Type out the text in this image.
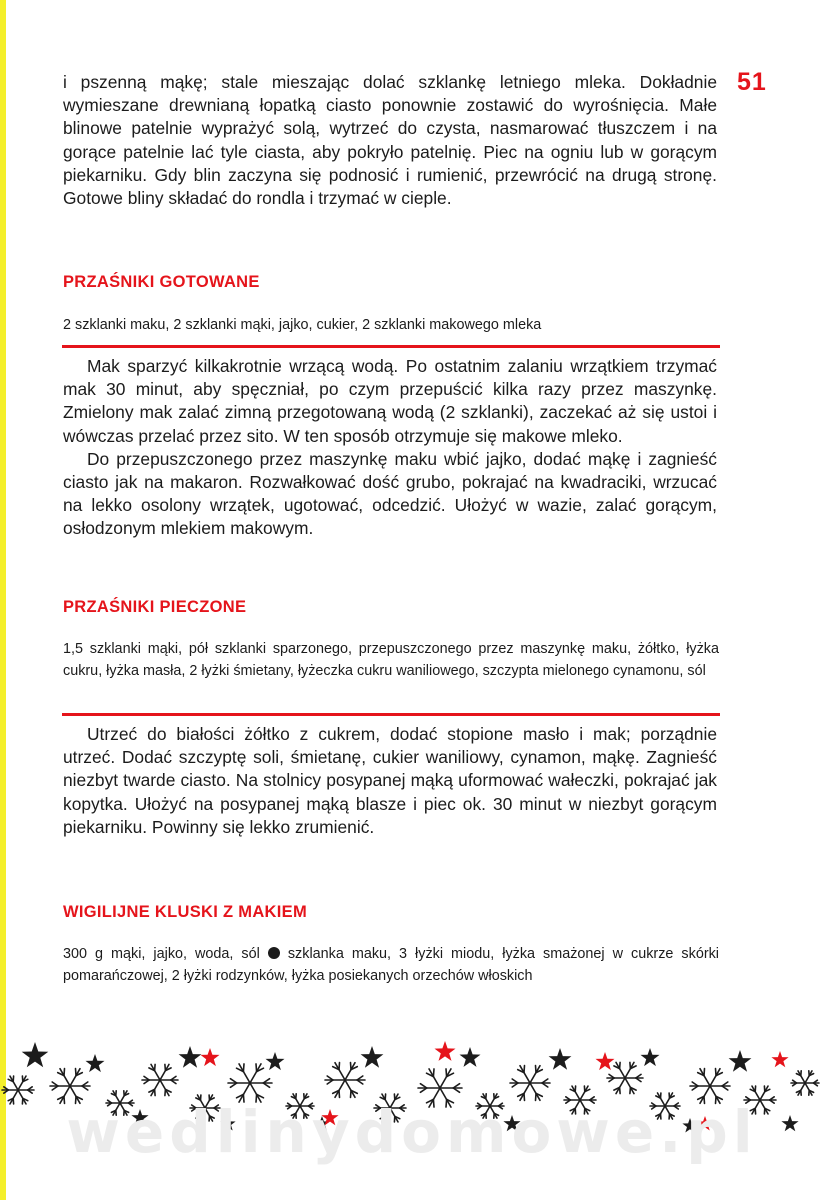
51

i pszenną mąkę; stale mieszając dolać szklankę letniego mleka. Dokładnie wymieszane drewnianą łopatką ciasto ponownie zostawić do wyrośnięcia. Małe blinowe patelnie wyprażyć solą, wytrzeć do czysta, nasmarować tłuszczem i na gorące patelnie lać tyle ciasta, aby pokryło patelnię. Piec na ogniu lub w gorącym piekarniku. Gdy blin zaczyna się podnosić i rumienić, przewrócić na drugą stronę. Gotowe bliny składać do rondla i trzymać w cieple.

PRZAŚNIKI GOTOWANE

2 szklanki maku, 2 szklanki mąki, jajko, cukier, 2 szklanki makowego mleka

Mak sparzyć kilkakrotnie wrzącą wodą. Po ostatnim zalaniu wrzątkiem trzymać mak 30 minut, aby spęczniał, po czym przepuścić kilka razy przez maszynkę. Zmielony mak zalać zimną przegotowaną wodą (2 szklanki), zaczekać aż się ustoi i wówczas przelać przez sito. W ten sposób otrzymuje się makowe mleko.

Do przepuszczonego przez maszynkę maku wbić jajko, dodać mąkę i zagnieść ciasto jak na makaron. Rozwałkować dość grubo, pokrajać na kwadraciki, wrzucać na lekko osolony wrzątek, ugotować, odcedzić. Ułożyć w wazie, zalać gorącym, osłodzonym mlekiem makowym.

PRZAŚNIKI PIECZONE

1,5 szklanki mąki, pół szklanki sparzonego, przepuszczonego przez maszynkę maku, żółtko, łyżka cukru, łyżka masła, 2 łyżki śmietany, łyżeczka cukru waniliowego, szczypta mielonego cynamonu, sól

Utrzeć do białości żółtko z cukrem, dodać stopione masło i mak; porządnie utrzeć. Dodać szczyptę soli, śmietanę, cukier waniliowy, cynamon, mąkę. Zagnieść niezbyt twarde ciasto. Na stolnicy posypanej mąką uformować wałeczki, pokrajać jak kopytka. Ułożyć na posypanej mąką blasze i piec ok. 30 minut w niezbyt gorącym piekarniku. Powinny się lekko zrumienić.

WIGILIJNE KLUSKI Z MAKIEM

300 g mąki, jajko, woda, sól szklanka maku, 3 łyżki miodu, łyżka smażonej w cukrze skórki pomarańczowej, 2 łyżki rodzynków, łyżka posiekanych orzechów włoskich

wedlinydomowe.pl
